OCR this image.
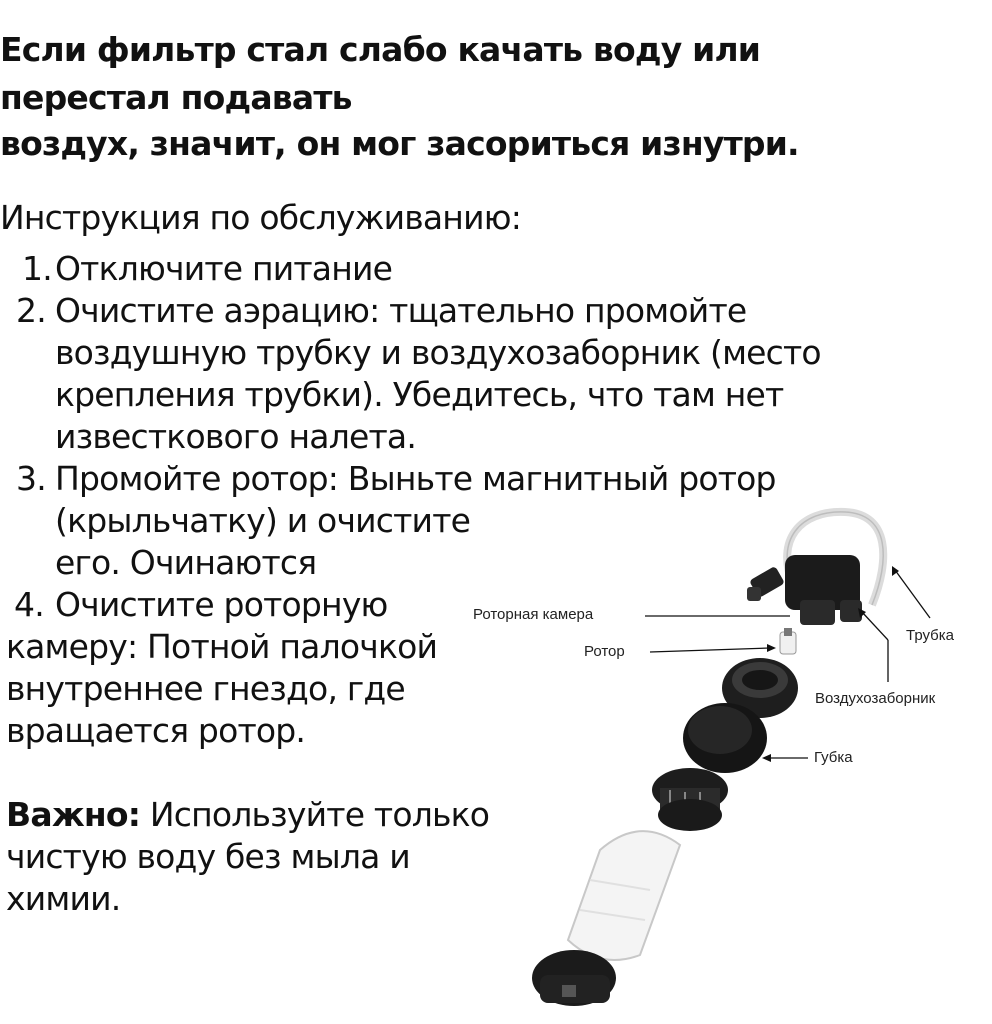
Если фильтр стал слабо качать воду или
перестал подавать
воздух, значит, он мог засориться изнутри.
Инструкция по обслуживанию:
1. Отключите питание
2. Очистите аэрацию: тщательно промойте
воздушную трубку и воздухозаборник (место
крепления трубки). Убедитесь, что там нет
известкового налета.
3. Промойте ротор: Выньте магнитный ротор
(крыльчатку) и очистите
его. Очинаются
4. Очистите роторную
камеру: Потной палочкой
внутреннее гнездо, где
вращается ротор.
Важно: Используйте только
чистую воду без мыла и
химии.
Роторная камера
Ротор
Трубка
Воздухозаборник
Губка
